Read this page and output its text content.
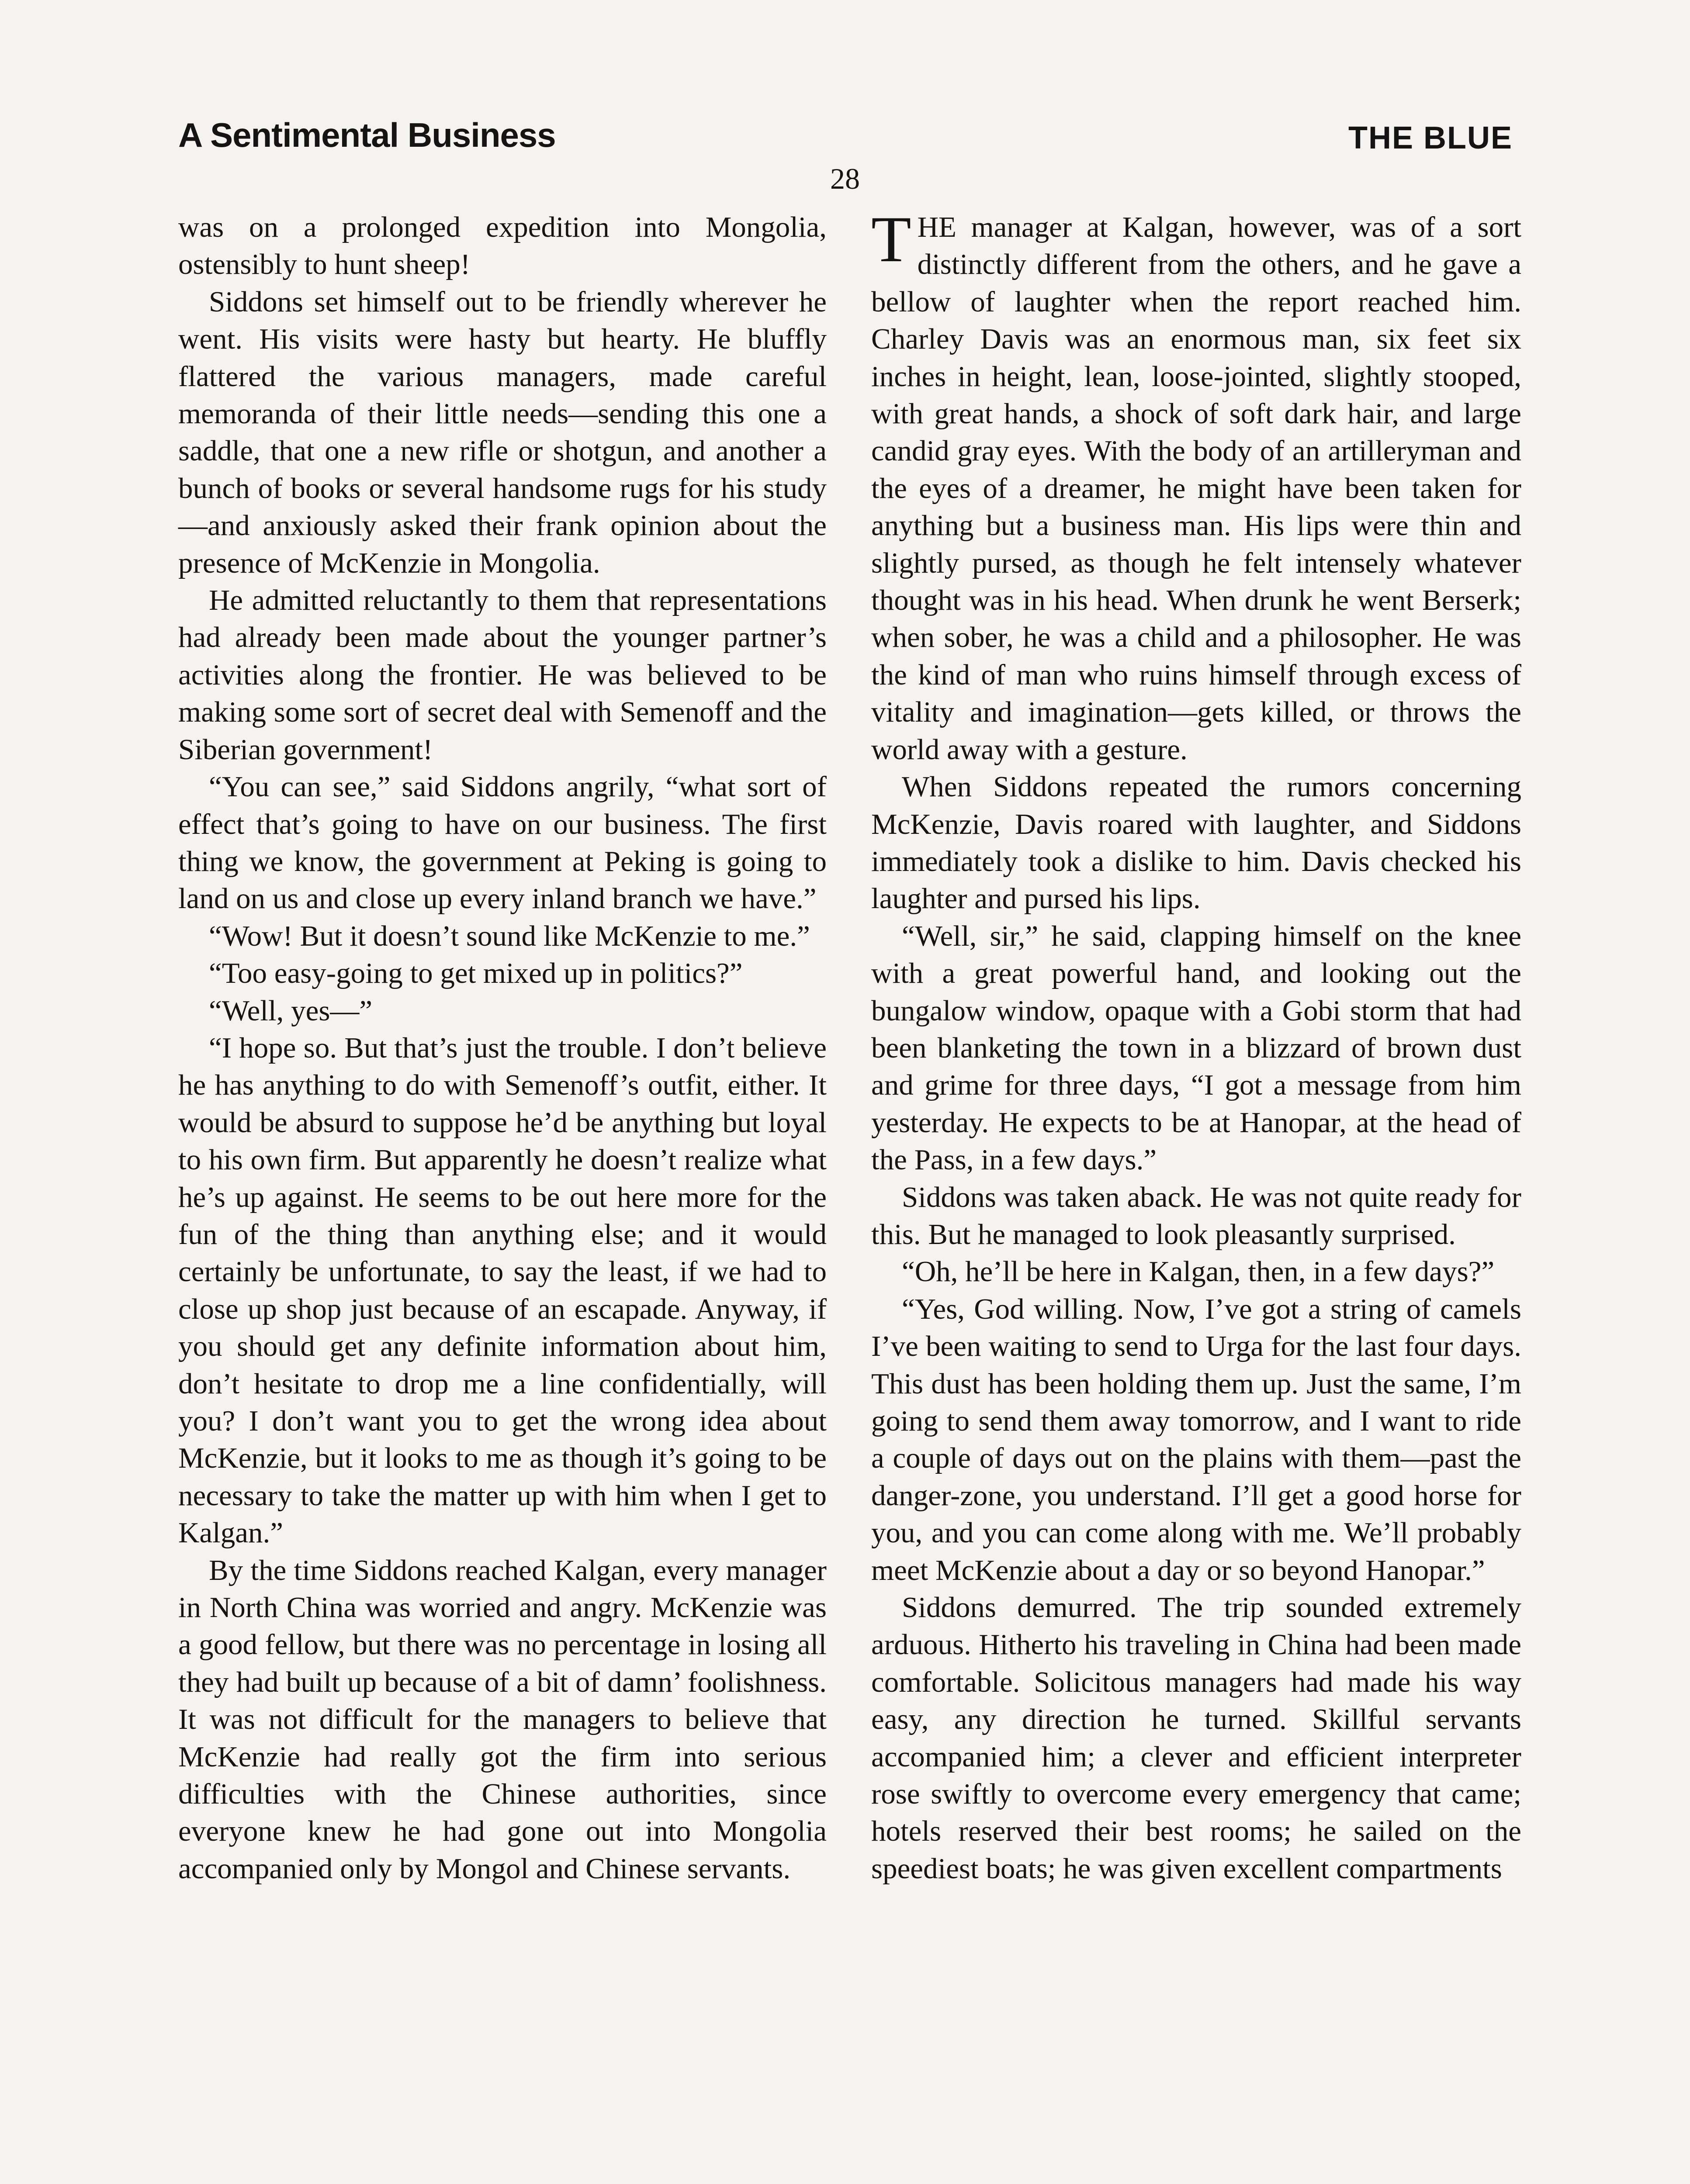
A Sentimental Business	THE BLUE
28

was on a prolonged expedition into Mongolia, ostensibly to hunt sheep!

Siddons set himself out to be friendly wherever he went. His visits were hasty but hearty. He bluffly flattered the various managers, made careful memoranda of their little needs—sending this one a saddle, that one a new rifle or shotgun, and another a bunch of books or several handsome rugs for his study—and anxiously asked their frank opinion about the presence of McKenzie in Mongolia.

He admitted reluctantly to them that representations had already been made about the younger partner’s activities along the frontier. He was believed to be making some sort of secret deal with Semenoff and the Siberian government!

“You can see,” said Siddons angrily, “what sort of effect that’s going to have on our business. The first thing we know, the government at Peking is going to land on us and close up every inland branch we have.”

“Wow! But it doesn’t sound like McKenzie to me.”

“Too easy-going to get mixed up in politics?”

“Well, yes—”

“I hope so. But that’s just the trouble. I don’t believe he has anything to do with Semenoff’s outfit, either. It would be absurd to suppose he’d be anything but loyal to his own firm. But apparently he doesn’t realize what he’s up against. He seems to be out here more for the fun of the thing than anything else; and it would certainly be unfortunate, to say the least, if we had to close up shop just because of an escapade. Anyway, if you should get any definite information about him, don’t hesitate to drop me a line confidentially, will you? I don’t want you to get the wrong idea about McKenzie, but it looks to me as though it’s going to be necessary to take the matter up with him when I get to Kalgan.”

By the time Siddons reached Kalgan, every manager in North China was worried and angry. McKenzie was a good fellow, but there was no percentage in losing all they had built up because of a bit of damn’ foolishness. It was not difficult for the managers to believe that McKenzie had really got the firm into serious difficulties with the Chinese authorities, since everyone knew he had gone out into Mongolia accompanied only by Mongol and Chinese servants.

THE manager at Kalgan, however, was of a sort distinctly different from the others, and he gave a bellow of laughter when the report reached him. Charley Davis was an enormous man, six feet six inches in height, lean, loose-jointed, slightly stooped, with great hands, a shock of soft dark hair, and large candid gray eyes. With the body of an artilleryman and the eyes of a dreamer, he might have been taken for anything but a business man. His lips were thin and slightly pursed, as though he felt intensely whatever thought was in his head. When drunk he went Berserk; when sober, he was a child and a philosopher. He was the kind of man who ruins himself through excess of vitality and imagination—gets killed, or throws the world away with a gesture.

When Siddons repeated the rumors concerning McKenzie, Davis roared with laughter, and Siddons immediately took a dislike to him. Davis checked his laughter and pursed his lips.

“Well, sir,” he said, clapping himself on the knee with a great powerful hand, and looking out the bungalow window, opaque with a Gobi storm that had been blanketing the town in a blizzard of brown dust and grime for three days, “I got a message from him yesterday. He expects to be at Hanopar, at the head of the Pass, in a few days.”

Siddons was taken aback. He was not quite ready for this. But he managed to look pleasantly surprised.

“Oh, he’ll be here in Kalgan, then, in a few days?”

“Yes, God willing. Now, I’ve got a string of camels I’ve been waiting to send to Urga for the last four days. This dust has been holding them up. Just the same, I’m going to send them away tomorrow, and I want to ride a couple of days out on the plains with them—past the danger-zone, you understand. I’ll get a good horse for you, and you can come along with me. We’ll probably meet McKenzie about a day or so beyond Hanopar.”

Siddons demurred. The trip sounded extremely arduous. Hitherto his traveling in China had been made comfortable. Solicitous managers had made his way easy, any direction he turned. Skillful servants accompanied him; a clever and efficient interpreter rose swiftly to overcome every emergency that came; hotels reserved their best rooms; he sailed on the speediest boats; he was given excellent compartments
